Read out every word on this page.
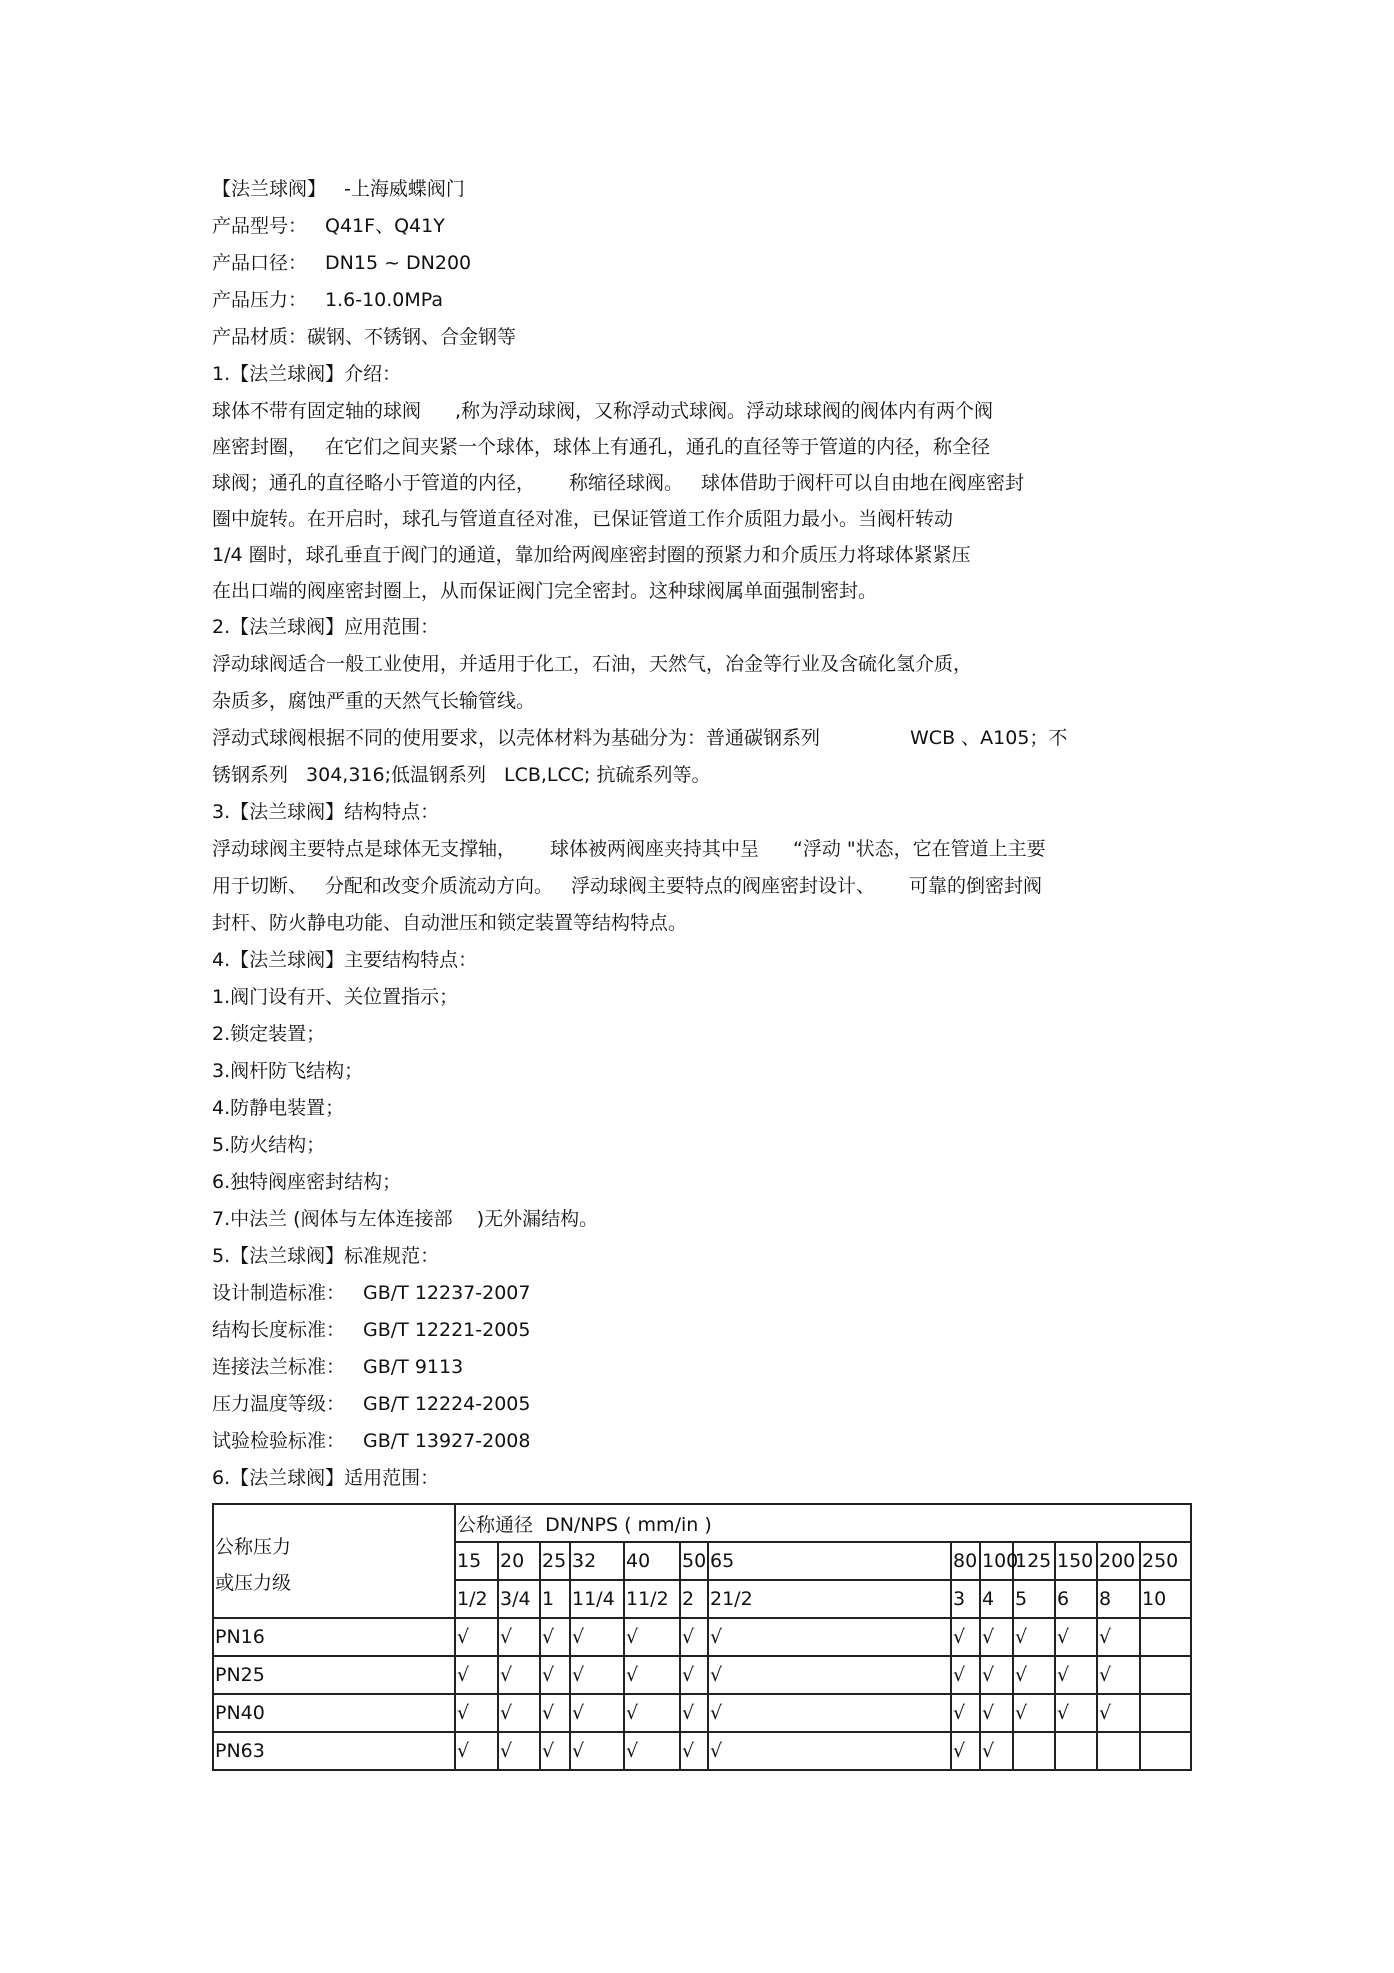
【法兰球阀】 -上海威蝶阀门
产品型号： Q41F、Q41Y
产品口径： DN15 ~ DN200
产品压力： 1.6-10.0MPa
产品材质：碳钢、不锈钢、合金钢等
1.【法兰球阀】介绍：
球体不带有固定轴的球阀 ,称为浮动球阀，又称浮动式球阀。浮动球球阀的阀体内有两个阀
座密封圈， 在它们之间夹紧一个球体，球体上有通孔，通孔的直径等于管道的内径，称全径
球阀；通孔的直径略小于管道的内径， 称缩径球阀。 球体借助于阀杆可以自由地在阀座密封
圈中旋转。在开启时，球孔与管道直径对准，已保证管道工作介质阻力最小。当阀杆转动
1/4 圈时，球孔垂直于阀门的通道，靠加给两阀座密封圈的预紧力和介质压力将球体紧紧压
在出口端的阀座密封圈上，从而保证阀门完全密封。这种球阀属单面强制密封。
2.【法兰球阀】应用范围：
浮动球阀适合一般工业使用，并适用于化工，石油，天然气，冶金等行业及含硫化氢介质，
杂质多，腐蚀严重的天然气长输管线。
浮动式球阀根据不同的使用要求，以壳体材料为基础分为：普通碳钢系列	WCB 、A105；不
锈钢系列 304,316;低温钢系列 LCB,LCC; 抗硫系列等。
3.【法兰球阀】结构特点：
浮动球阀主要特点是球体无支撑轴， 球体被两阀座夹持其中呈 “浮动 "状态，它在管道上主要
用于切断、 分配和改变介质流动方向。 浮动球阀主要特点的阀座密封设计、 可靠的倒密封阀
封杆、防火静电功能、自动泄压和锁定装置等结构特点。
4.【法兰球阀】主要结构特点：
1.阀门设有开、关位置指示；
2.锁定装置；
3.阀杆防飞结构；
4.防静电装置；
5.防火结构；
6.独特阀座密封结构；
7.中法兰 (阀体与左体连接部    )无外漏结构。
5.【法兰球阀】标准规范：
设计制造标准： GB/T 12237-2007
结构长度标准： GB/T 12221-2005
连接法兰标准： GB/T 9113
压力温度等级： GB/T 12224-2005
试验检验标准： GB/T 13927-2008
6.【法兰球阀】适用范围：
公称压力
或压力级	公称通径  DN/NPS ( mm/in )												
	15	20	25	32	40	50	65	80	100	125	150	200	250
	1/2	3/4	1	11/4	11/2	2	21/2	3	4	5	6	8	10
PN16	√	√	√	√	√	√	√	√	√	√	√	√	
PN25	√	√	√	√	√	√	√	√	√	√	√	√	
PN40	√	√	√	√	√	√	√	√	√	√	√	√	
PN63	√	√	√	√	√	√	√	√	√				
